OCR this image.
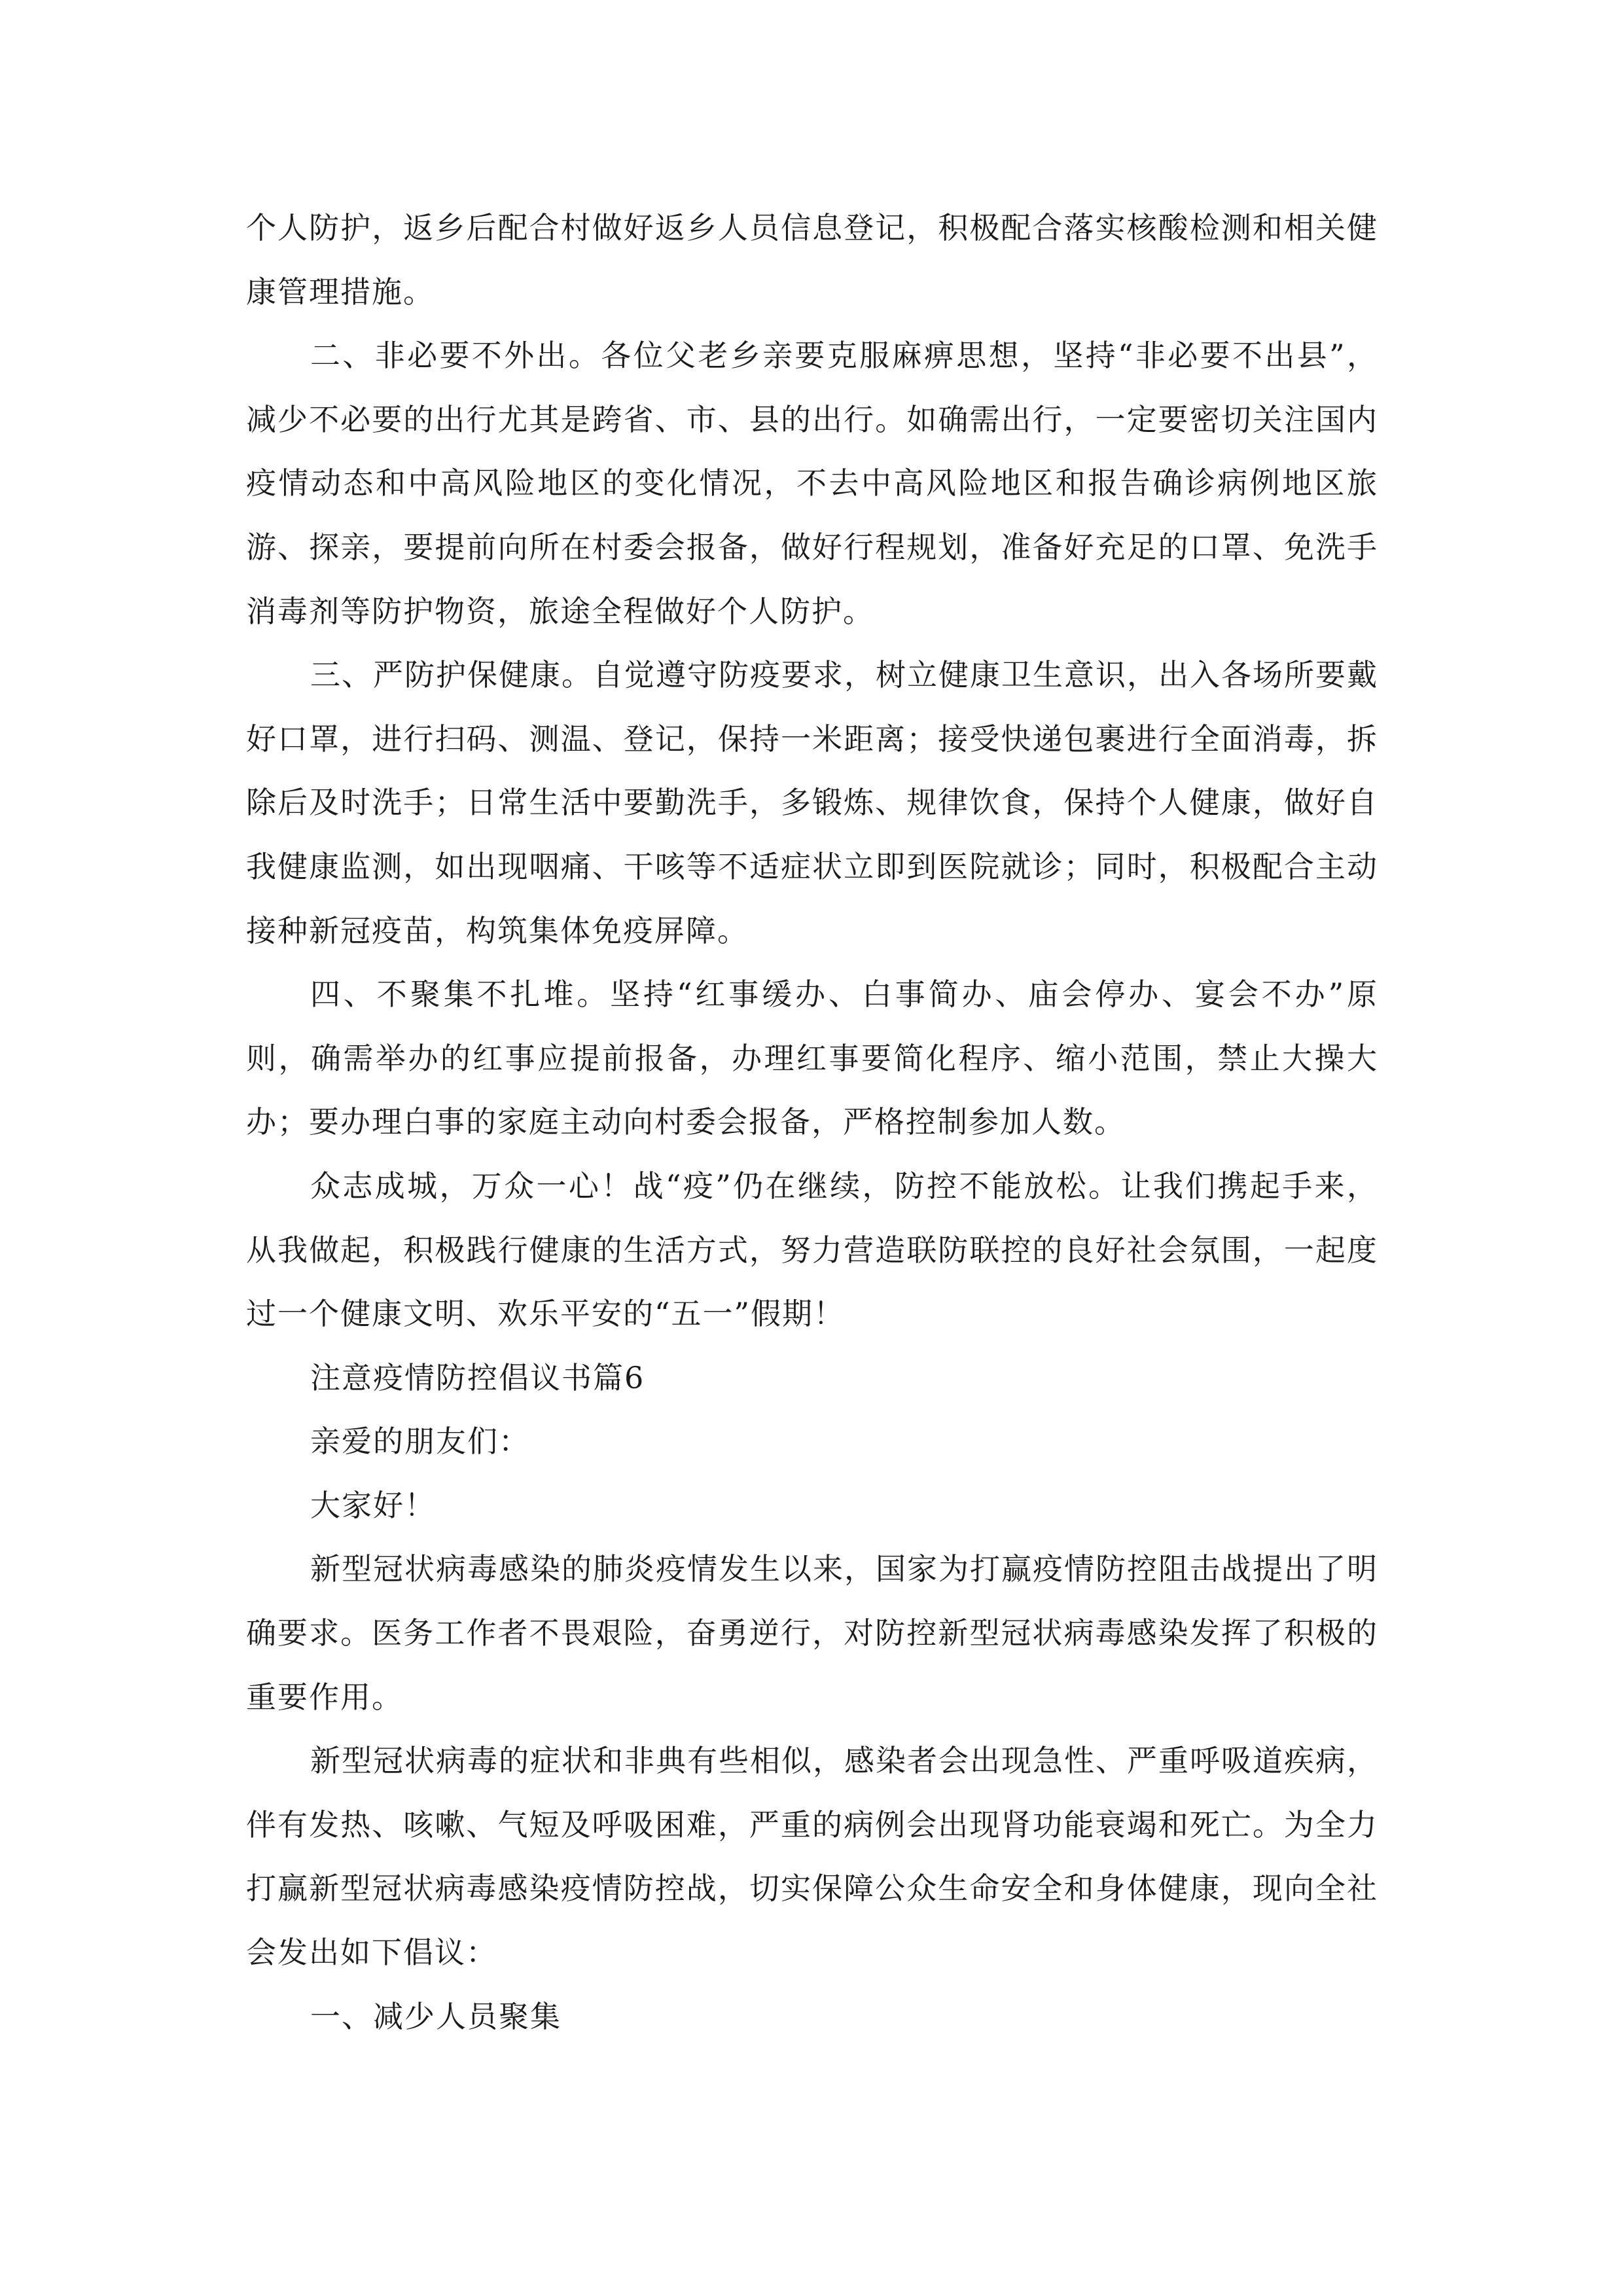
个人防护，返乡后配合村做好返乡人员信息登记，积极配合落实核酸检测和相关健康管理措施。

二、非必要不外出。各位父老乡亲要克服麻痹思想，坚持“非必要不出县”，减少不必要的出行尤其是跨省、市、县的出行。如确需出行，一定要密切关注国内疫情动态和中高风险地区的变化情况，不去中高风险地区和报告确诊病例地区旅游、探亲，要提前向所在村委会报备，做好行程规划，准备好充足的口罩、免洗手消毒剂等防护物资，旅途全程做好个人防护。

三、严防护保健康。自觉遵守防疫要求，树立健康卫生意识，出入各场所要戴好口罩，进行扫码、测温、登记，保持一米距离；接受快递包裹进行全面消毒，拆除后及时洗手；日常生活中要勤洗手，多锻炼、规律饮食，保持个人健康，做好自我健康监测，如出现咽痛、干咳等不适症状立即到医院就诊；同时，积极配合主动接种新冠疫苗，构筑集体免疫屏障。

四、不聚集不扎堆。坚持“红事缓办、白事简办、庙会停办、宴会不办”原则，确需举办的红事应提前报备，办理红事要简化程序、缩小范围，禁止大操大办；要办理白事的家庭主动向村委会报备，严格控制参加人数。

众志成城，万众一心！战“疫”仍在继续，防控不能放松。让我们携起手来，从我做起，积极践行健康的生活方式，努力营造联防联控的良好社会氛围，一起度过一个健康文明、欢乐平安的“五一”假期！

注意疫情防控倡议书篇6

亲爱的朋友们：

大家好！

新型冠状病毒感染的肺炎疫情发生以来，国家为打赢疫情防控阻击战提出了明确要求。医务工作者不畏艰险，奋勇逆行，对防控新型冠状病毒感染发挥了积极的重要作用。

新型冠状病毒的症状和非典有些相似，感染者会出现急性、严重呼吸道疾病，伴有发热、咳嗽、气短及呼吸困难，严重的病例会出现肾功能衰竭和死亡。为全力打赢新型冠状病毒感染疫情防控战，切实保障公众生命安全和身体健康，现向全社会发出如下倡议：

一、减少人员聚集
